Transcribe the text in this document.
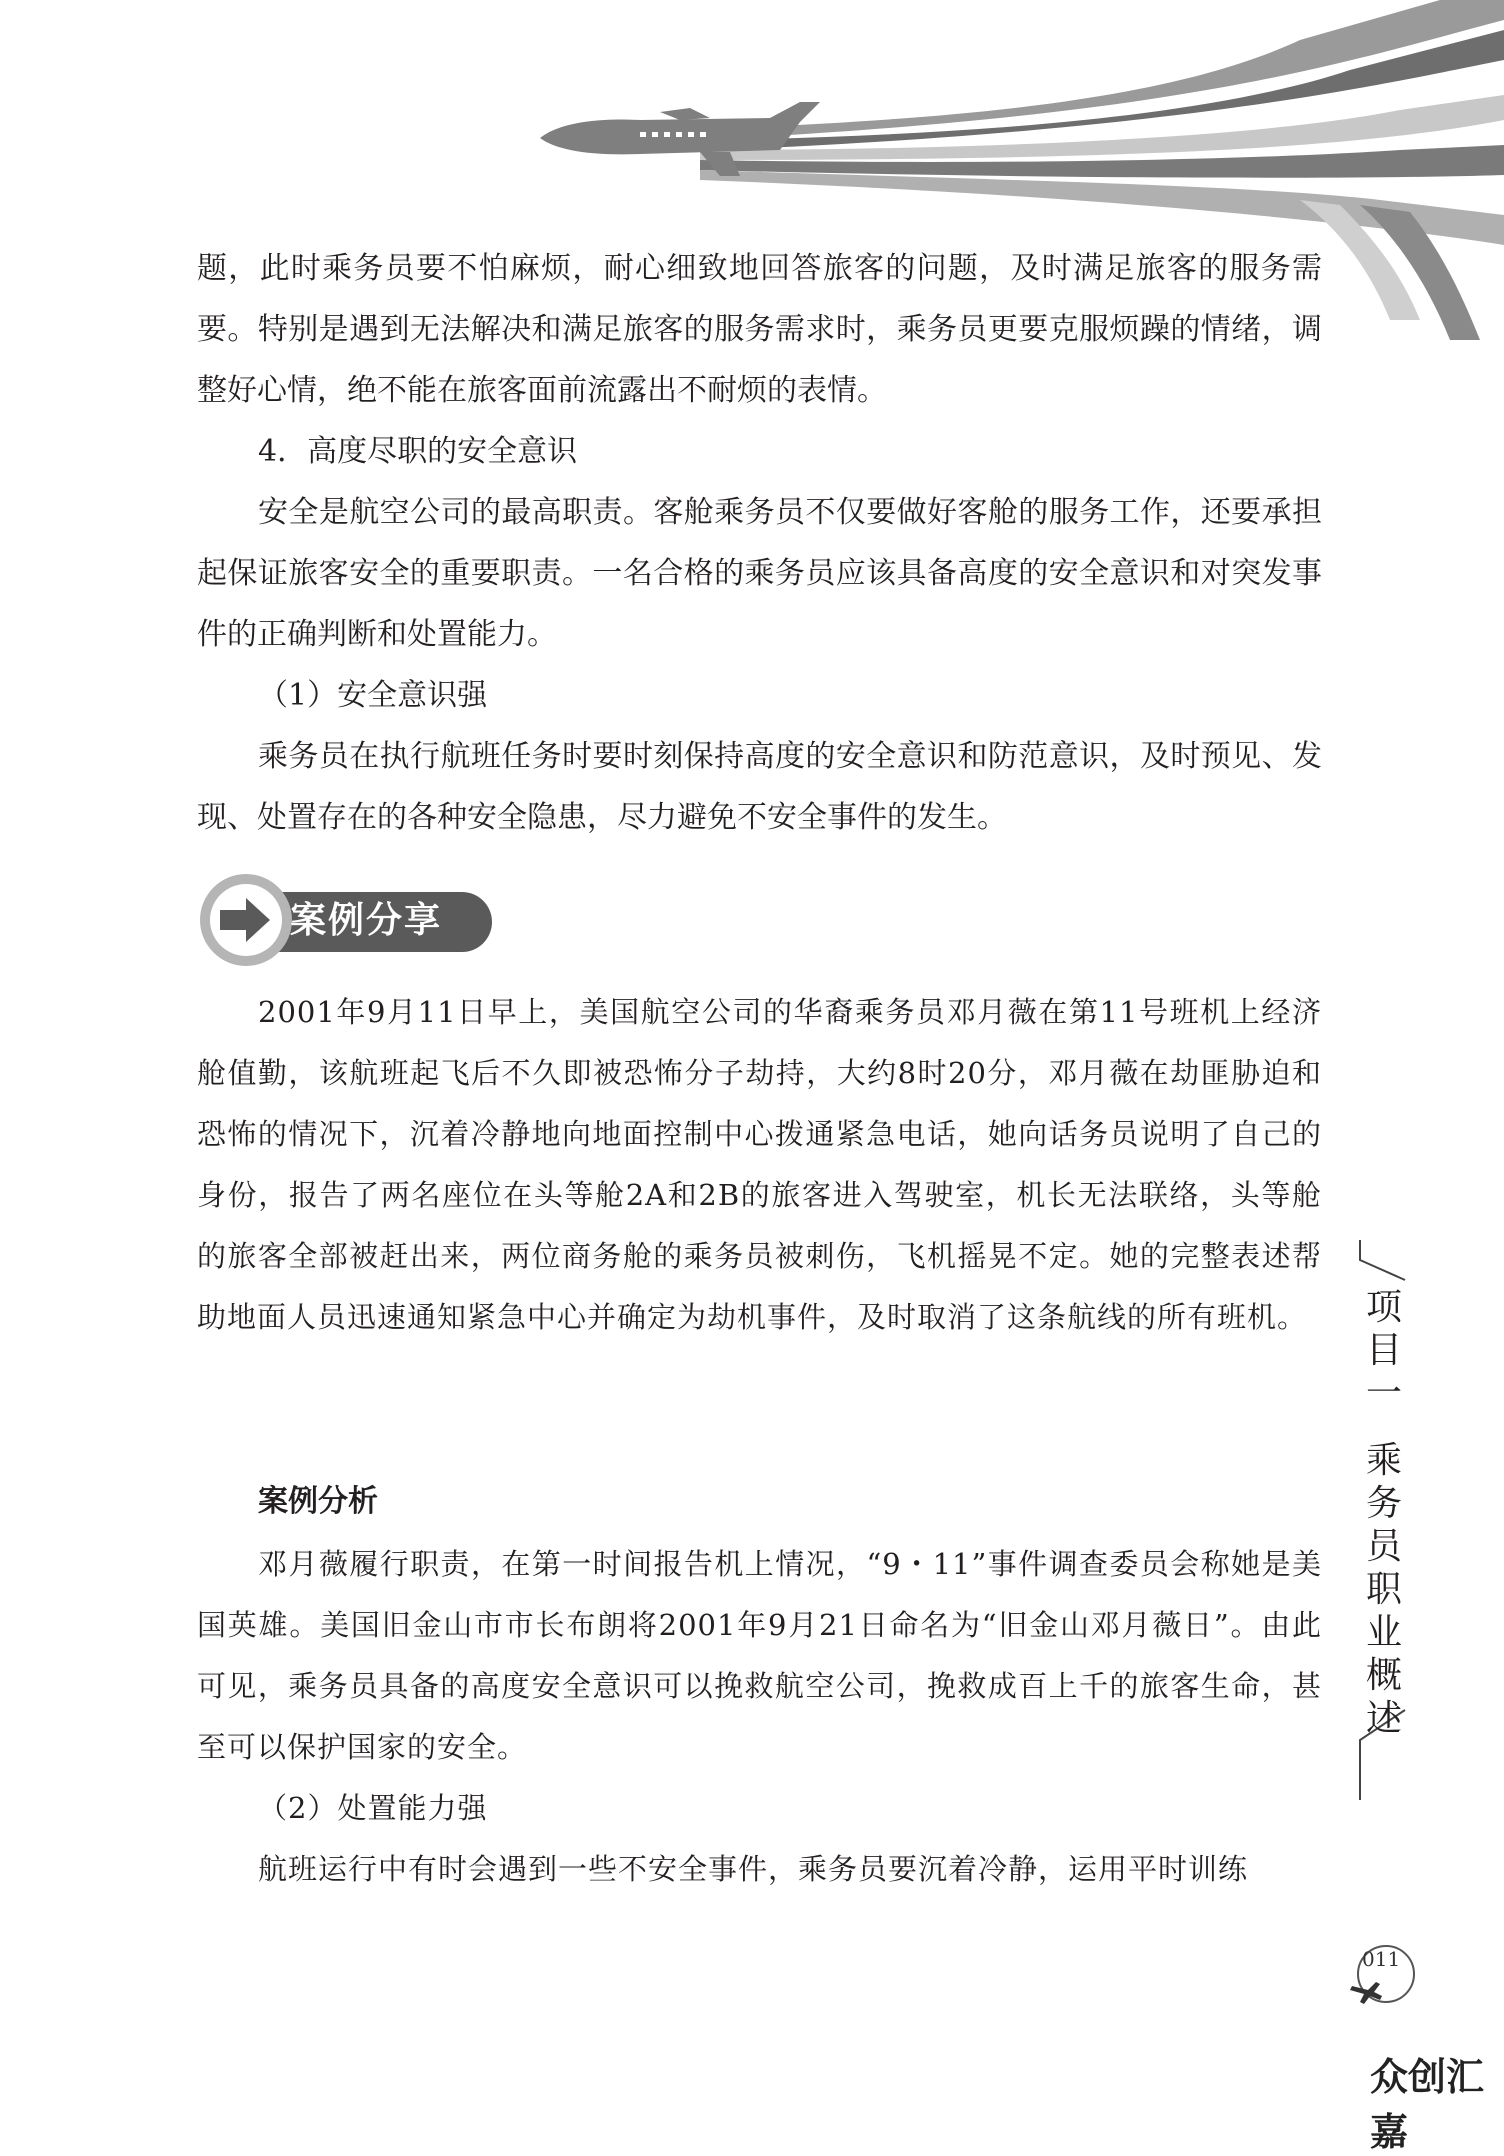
题，此时乘务员要不怕麻烦，耐心细致地回答旅客的问题，及时满足旅客的服务需要。特别是遇到无法解决和满足旅客的服务需求时，乘务员更要克服烦躁的情绪，调整好心情，绝不能在旅客面前流露出不耐烦的表情。

4．高度尽职的安全意识

安全是航空公司的最高职责。客舱乘务员不仅要做好客舱的服务工作，还要承担起保证旅客安全的重要职责。一名合格的乘务员应该具备高度的安全意识和对突发事件的正确判断和处置能力。

（1）安全意识强

乘务员在执行航班任务时要时刻保持高度的安全意识和防范意识，及时预见、发现、处置存在的各种安全隐患，尽力避免不安全事件的发生。

案例分享

2001年9月11日早上，美国航空公司的华裔乘务员邓月薇在第11号班机上经济舱值勤，该航班起飞后不久即被恐怖分子劫持，大约8时20分，邓月薇在劫匪胁迫和恐怖的情况下，沉着冷静地向地面控制中心拨通紧急电话，她向话务员说明了自己的身份，报告了两名座位在头等舱2A和2B的旅客进入驾驶室，机长无法联络，头等舱的旅客全部被赶出来，两位商务舱的乘务员被刺伤，飞机摇晃不定。她的完整表述帮助地面人员迅速通知紧急中心并确定为劫机事件，及时取消了这条航线的所有班机。

案例分析

邓月薇履行职责，在第一时间报告机上情况，“9・11”事件调查委员会称她是美国英雄。美国旧金山市市长布朗将2001年9月21日命名为“旧金山邓月薇日”。由此可见，乘务员具备的高度安全意识可以挽救航空公司，挽救成百上千的旅客生命，甚至可以保护国家的安全。

（2）处置能力强

航班运行中有时会遇到一些不安全事件，乘务员要沉着冷静，运用平时训练

项
目
一
乘
务
员
职
业
概
述
011
众创汇嘉
